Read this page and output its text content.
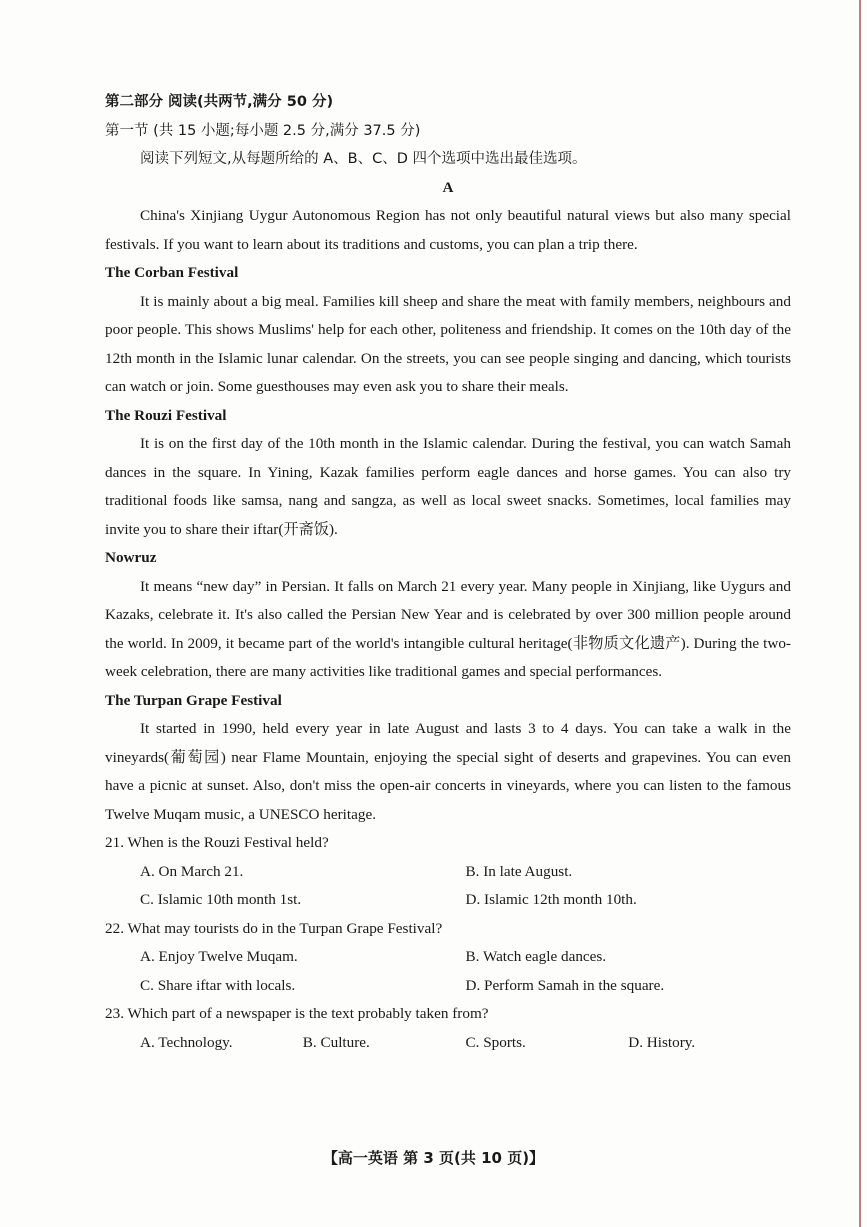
第二部分 阅读(共两节,满分 50 分)

第一节 (共 15 小题;每小题 2.5 分,满分 37.5 分)

阅读下列短文,从每题所给的 A、B、C、D 四个选项中选出最佳选项。

A

China's Xinjiang Uygur Autonomous Region has not only beautiful natural views but also many special festivals. If you want to learn about its traditions and customs, you can plan a trip there.

The Corban Festival

It is mainly about a big meal. Families kill sheep and share the meat with family members, neighbours and poor people. This shows Muslims' help for each other, politeness and friendship. It comes on the 10th day of the 12th month in the Islamic lunar calendar. On the streets, you can see people singing and dancing, which tourists can watch or join. Some guesthouses may even ask you to share their meals.

The Rouzi Festival

It is on the first day of the 10th month in the Islamic calendar. During the festival, you can watch Samah dances in the square. In Yining, Kazak families perform eagle dances and horse games. You can also try traditional foods like samsa, nang and sangza, as well as local sweet snacks. Sometimes, local families may invite you to share their iftar(开斋饭).

Nowruz

It means “new day” in Persian. It falls on March 21 every year. Many people in Xinjiang, like Uygurs and Kazaks, celebrate it. It's also called the Persian New Year and is celebrated by over 300 million people around the world. In 2009, it became part of the world's intangible cultural heritage(非物质文化遗产). During the two-week celebration, there are many activities like traditional games and special performances.

The Turpan Grape Festival

It started in 1990, held every year in late August and lasts 3 to 4 days. You can take a walk in the vineyards(葡萄园) near Flame Mountain, enjoying the special sight of deserts and grapevines. You can even have a picnic at sunset. Also, don't miss the open-air concerts in vineyards, where you can listen to the famous Twelve Muqam music, a UNESCO heritage.

21. When is the Rouzi Festival held?

A. On March 21.	B. In late August.
C. Islamic 10th month 1st.	D. Islamic 12th month 10th.

22. What may tourists do in the Turpan Grape Festival?

A. Enjoy Twelve Muqam.	B. Watch eagle dances.
C. Share iftar with locals.	D. Perform Samah in the square.

23. Which part of a newspaper is the text probably taken from?

A. Technology.	B. Culture.	C. Sports.	D. History.
【高一英语 第 3 页(共 10 页)】
